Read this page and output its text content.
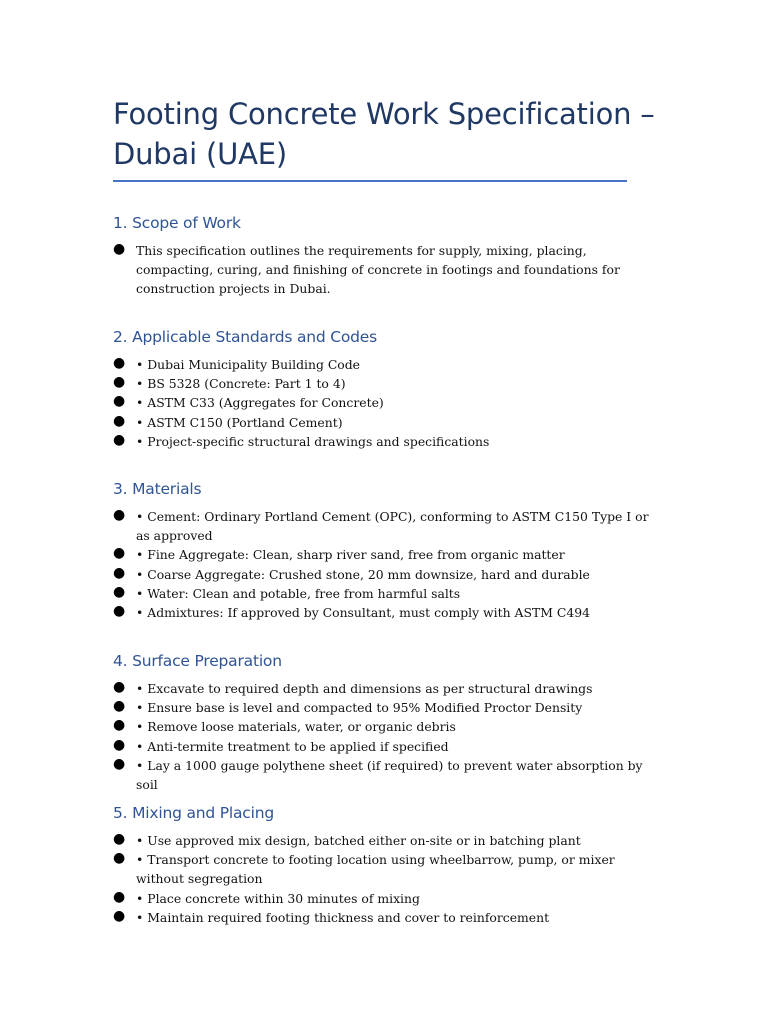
Footing Concrete Work Specification – Dubai (UAE)
1. Scope of Work
● This specification outlines the requirements for supply, mixing, placing, compacting, curing, and finishing of concrete in footings and foundations for construction projects in Dubai.
2. Applicable Standards and Codes
● • Dubai Municipality Building Code
● • BS 5328 (Concrete: Part 1 to 4)
● • ASTM C33 (Aggregates for Concrete)
● • ASTM C150 (Portland Cement)
● • Project-specific structural drawings and specifications
3. Materials
● • Cement: Ordinary Portland Cement (OPC), conforming to ASTM C150 Type I or as approved
● • Fine Aggregate: Clean, sharp river sand, free from organic matter
● • Coarse Aggregate: Crushed stone, 20 mm downsize, hard and durable
● • Water: Clean and potable, free from harmful salts
● • Admixtures: If approved by Consultant, must comply with ASTM C494
4. Surface Preparation
● • Excavate to required depth and dimensions as per structural drawings
● • Ensure base is level and compacted to 95% Modified Proctor Density
● • Remove loose materials, water, or organic debris
● • Anti-termite treatment to be applied if specified
● • Lay a 1000 gauge polythene sheet (if required) to prevent water absorption by soil
5. Mixing and Placing
● • Use approved mix design, batched either on-site or in batching plant
● • Transport concrete to footing location using wheelbarrow, pump, or mixer without segregation
● • Place concrete within 30 minutes of mixing
● • Maintain required footing thickness and cover to reinforcement
